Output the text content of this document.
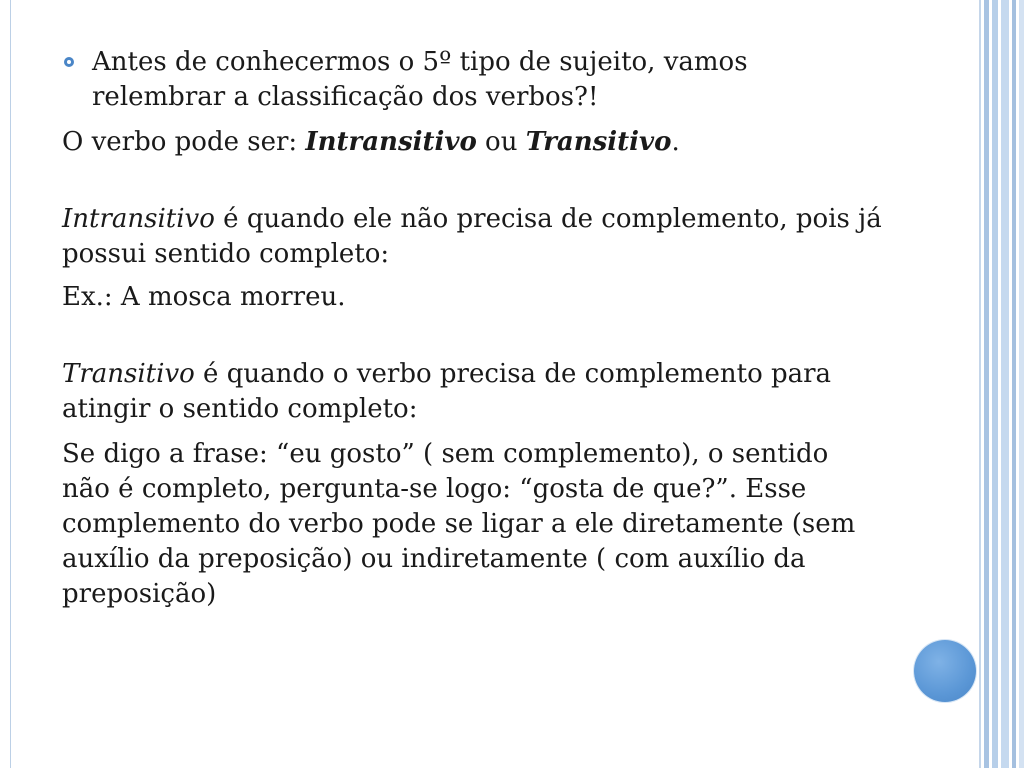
Antes de conhecermos o 5º tipo de sujeito, vamos relembrar a classificação dos verbos?!

O verbo pode ser: Intransitivo ou Transitivo.

Intransitivo é quando ele não precisa de complemento, pois já possui sentido completo:

Ex.: A mosca morreu.

Transitivo é quando o verbo precisa de complemento para atingir o sentido completo:

Se digo a frase: “eu gosto” ( sem complemento), o sentido não é completo, pergunta-se logo: “gosta de que?”. Esse complemento do verbo pode se ligar a ele diretamente (sem auxílio da preposição) ou indiretamente ( com auxílio da preposição)
